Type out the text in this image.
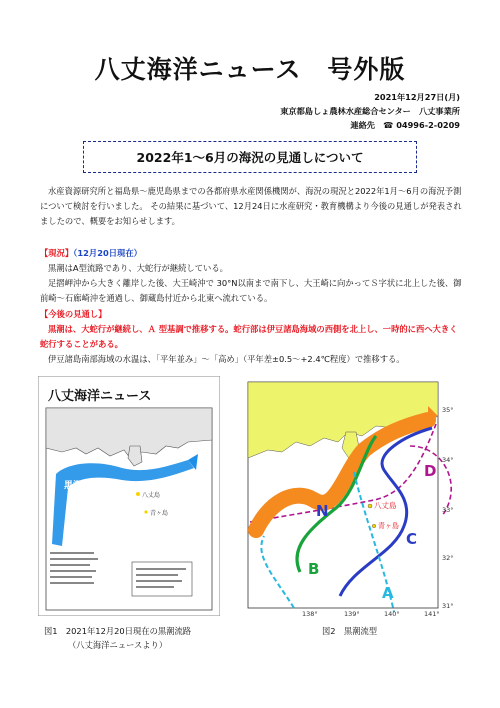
八丈海洋ニュース　号外版
2021年12月27日(月)
東京都島しょ農林水産総合センター　八丈事業所
連絡先　☎ 04996-2-0209
2022年1～6月の海況の見通しについて
水産資源研究所と福島県～鹿児島県までの各都府県水産関係機関が、海況の現況と2022年1月～6月の海況予測について検討を行いました。 その結果に基づいて、12月24日に水産研究・教育機構より今後の見通しが発表されましたので、概要をお知らせします。
【現況】（12月20日現在）
黒潮はA型流路であり、大蛇行が継続している。
足摺岬沖から大きく離岸した後、大王崎沖で 30°N以南まで南下し、大王崎に向かってＳ字状に北上した後、御前崎～石廊崎沖を通過し、御蔵島付近から北東へ流れている。
【今後の見通し】
黒潮は、大蛇行が継続し、Ａ 型基調で推移する。蛇行部は伊豆諸島海域の西側を北上し、一時的に西へ大きく蛇行することがある。
伊豆諸島南部海域の水温は、「平年並み」～「高め」（平年差±0.5～+2.4℃程度）で推移する。
八丈海洋ニュース
黒潮
八丈島
青ヶ島
図1　2021年12月20日現在の黒潮流路
（八丈海洋ニュースより）
八丈島
青ヶ島
N
B
C
D
A
35°
34°
33°
32°
31°
138°	139°	140°	141°
図2　黒潮流型
